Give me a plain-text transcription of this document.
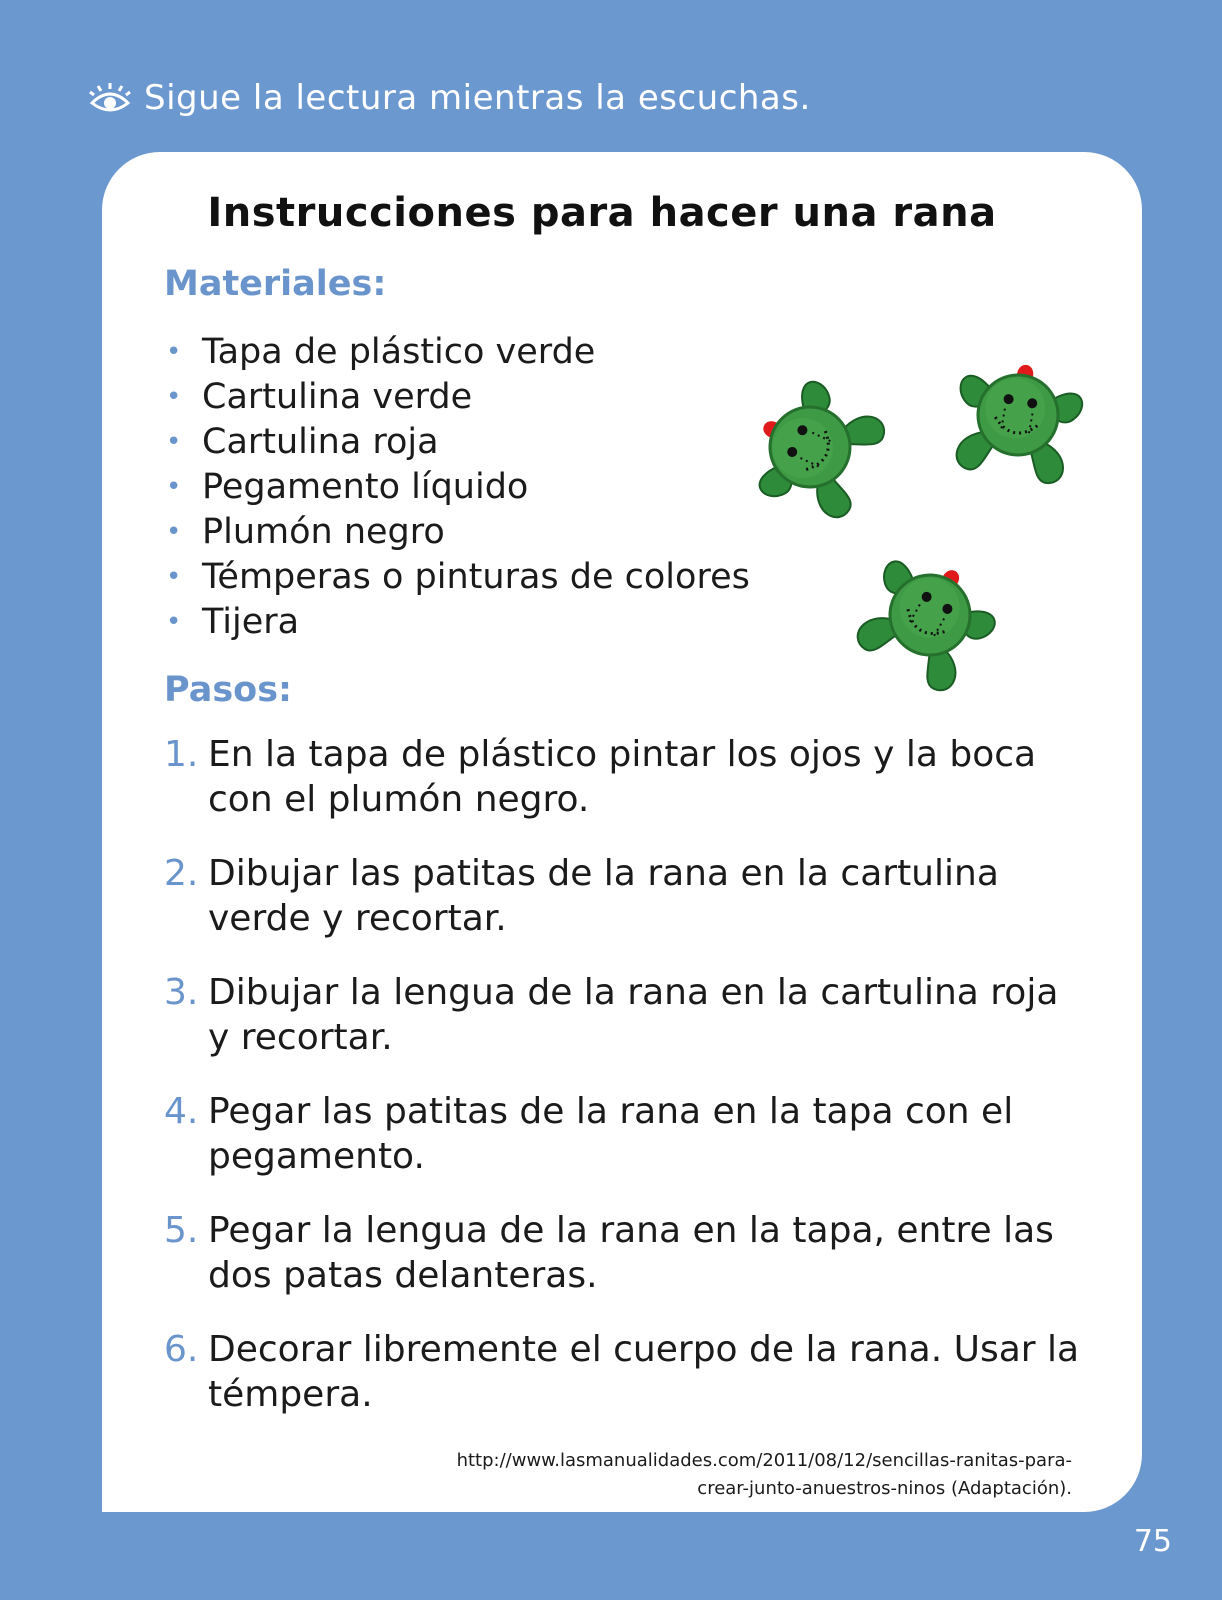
Sigue la lectura mientras la escuchas.
Instrucciones para hacer una rana
Materiales:
• Tapa de plástico verde
• Cartulina verde
• Cartulina roja
• Pegamento líquido
• Plumón negro
• Témperas o pinturas de colores
• Tijera
Pasos:
1. En la tapa de plástico pintar los ojos y la boca con el plumón negro.
2. Dibujar las patitas de la rana en la cartulina verde y recortar.
3. Dibujar la lengua de la rana en la cartulina roja y recortar.
4. Pegar las patitas de la rana en la tapa con el pegamento.
5. Pegar la lengua de la rana en la tapa, entre las dos patas delanteras.
6. Decorar libremente el cuerpo de la rana. Usar la témpera.
http://www.lasmanualidades.com/2011/08/12/sencillas-ranitas-para-
crear-junto-anuestros-ninos (Adaptación).
75
